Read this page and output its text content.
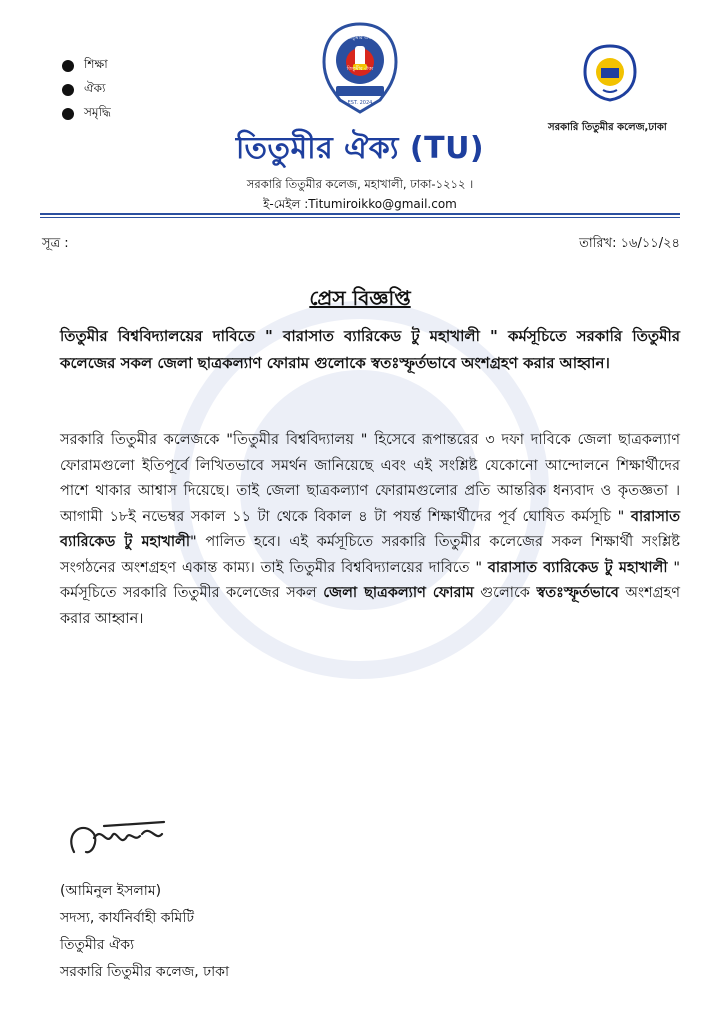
শিক্ষা
ঐক্য
সমৃদ্ধি
তিতুমীর ঐক্য
তিতুমীর ঐক্য
EST. 2024
তিতুমীর ঐক্য (TU)
সরকারি তিতুমীর কলেজ,ঢাকা
সরকারি তিতুমীর কলেজ, মহাখালী, ঢাকা-১২১২ ।
ই-মেইল :Titumiroikko@gmail.com
সূত্র :	তারিখ: ১৬/১১/২৪
প্রেস বিজ্ঞপ্তি
তিতুমীর বিশ্ববিদ্যালয়ের দাবিতে " বারাসাত ব্যারিকেড টু মহাখালী " কর্মসূচিতে সরকারি তিতুমীর কলেজের সকল জেলা ছাত্রকল্যাণ ফোরাম গুলোকে স্বতঃস্ফূর্তভাবে অংশগ্রহণ করার আহ্বান।
সরকারি তিতুমীর কলেজকে "তিতুমীর বিশ্ববিদ্যালয় " হিসেবে রূপান্তরের ৩ দফা দাবিকে জেলা ছাত্রকল্যাণ ফোরামগুলো ইতিপূর্বে লিখিতভাবে সমর্থন জানিয়েছে এবং এই সংশ্লিষ্ট যেকোনো আন্দোলনে শিক্ষার্থীদের পাশে থাকার আশ্বাস দিয়েছে। তাই জেলা ছাত্রকল্যাণ ফোরামগুলোর প্রতি আন্তরিক ধন্যবাদ ও কৃতজ্ঞতা । আগামী ১৮ই নভেম্বর সকাল ১১ টা থেকে বিকাল ৪ টা পযর্ন্ত শিক্ষার্থীদের পূর্ব ঘোষিত কর্মসূচি " বারাসাত ব্যারিকেড টু মহাখালী" পালিত হবে। এই কর্মসূচিতে সরকারি তিতুমীর কলেজের সকল শিক্ষার্থী সংশ্লিষ্ট সংগঠনের অংশগ্রহণ একান্ত কাম্য। তাই তিতুমীর বিশ্ববিদ্যালয়ের দাবিতে " বারাসাত ব্যারিকেড টু মহাখালী " কর্মসূচিতে সরকারি তিতুমীর কলেজের সকল জেলা ছাত্রকল্যাণ ফোরাম গুলোকে স্বতঃস্ফূর্তভাবে অংশগ্রহণ করার আহ্বান।
(আমিনুল ইসলাম)
সদস্য, কার্যনির্বাহী কমিটি
তিতুমীর ঐক্য
সরকারি তিতুমীর কলেজ, ঢাকা
